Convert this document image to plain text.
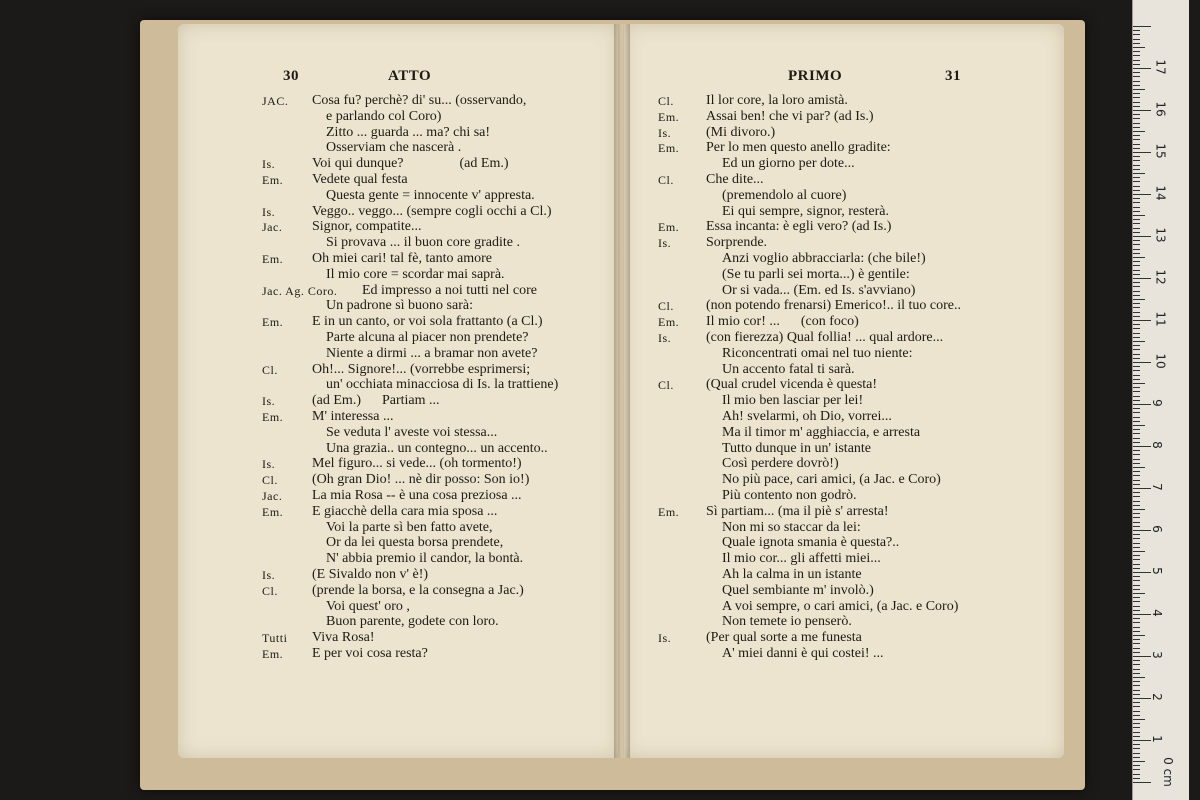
30	ATTO	PRIMO	31
JAC. Cosa fu? perchè? di' su... (osservando,
e parlando col Coro)
Zitto ... guarda ... ma? chi sa!
Osserviam che nascerà .
Is.	Voi qui dunque?                (ad Em.)
Em. Vedete qual festa
Questa gente = innocente v' appresta.
Is.	Veggo.. veggo... (sempre cogli occhi a Cl.)
Jac. Signor, compatite...
Si provava ... il buon core gradite .
Em. Oh miei cari! tal fè, tanto amore
Il mio core = scordar mai saprà.
Jac. Ag. Coro. Ed impresso a noi tutti nel core
Un padrone sì buono sarà:
Em. E in un canto, or voi sola frattanto (a Cl.)
Parte alcuna al piacer non prendete?
Niente a dirmi ... a bramar non avete?
Cl. Oh!... Signore!... (vorrebbe esprimersi;
un' occhiata minacciosa di Is. la trattiene)
Is.	(ad Em.)      Partiam ...
Em. M' interessa ...
Se veduta l' aveste voi stessa...
Una grazia.. un contegno... un accento..
Is.	Mel figuro... si vede... (oh tormento!)
Cl. (Oh gran Dio! ... nè dir posso: Son io!)
Jac. La mia Rosa -- è una cosa preziosa ...
Em. E giacchè della cara mia sposa ...
Voi la parte sì ben fatto avete,
Or da lei questa borsa prendete,
N' abbia premio il candor, la bontà.
Is.	(E Sivaldo non v' è!)
Cl. (prende la borsa, e la consegna a Jac.)
Voi quest' oro ,
Buon parente, godete con loro.
Tutti Viva Rosa!
Em. E per voi cosa resta?
Cl. Il lor core, la loro amistà.
Em. Assai ben! che vi par? (ad Is.)
Is. (Mi divoro.)
Em. Per lo men questo anello gradite:
Ed un giorno per dote...
Cl. Che dite...
(premendolo al cuore)
Ei qui sempre, signor, resterà.
Em. Essa incanta: è egli vero? (ad Is.)
Is. Sorprende.
Anzi voglio abbracciarla: (che bile!)
(Se tu parli sei morta...) è gentile:
Or si vada... (Em. ed Is. s'avviano)
Cl. (non potendo frenarsi) Emerico!.. il tuo core..
Em. Il mio cor! ...      (con foco)
Is. (con fierezza) Qual follia! ... qual ardore...
Riconcentrati omai nel tuo niente:
Un accento fatal ti sarà.
Cl. (Qual crudel vicenda è questa!
Il mio ben lasciar per lei!
Ah! svelarmi, oh Dio, vorrei...
Ma il timor m' agghiaccia, e arresta
Tutto dunque in un' istante
Così perdere dovrò!)
No più pace, cari amici, (a Jac. e Coro)
Più contento non godrò.
Em. Sì partiam... (ma il piè s' arresta!
Non mi so staccar da lei:
Quale ignota smania è questa?..
Il mio cor... gli affetti miei...
Ah la calma in un istante
Quel sembiante m' involò.)
A voi sempre, o cari amici, (a Jac. e Coro)
Non temete io penserò.
Is. (Per qual sorte a me funesta
A' miei danni è qui costei! ...
1
2
3
4
5
6
7
8
9
10
11
12
13
14
15
16
17
0 cm
